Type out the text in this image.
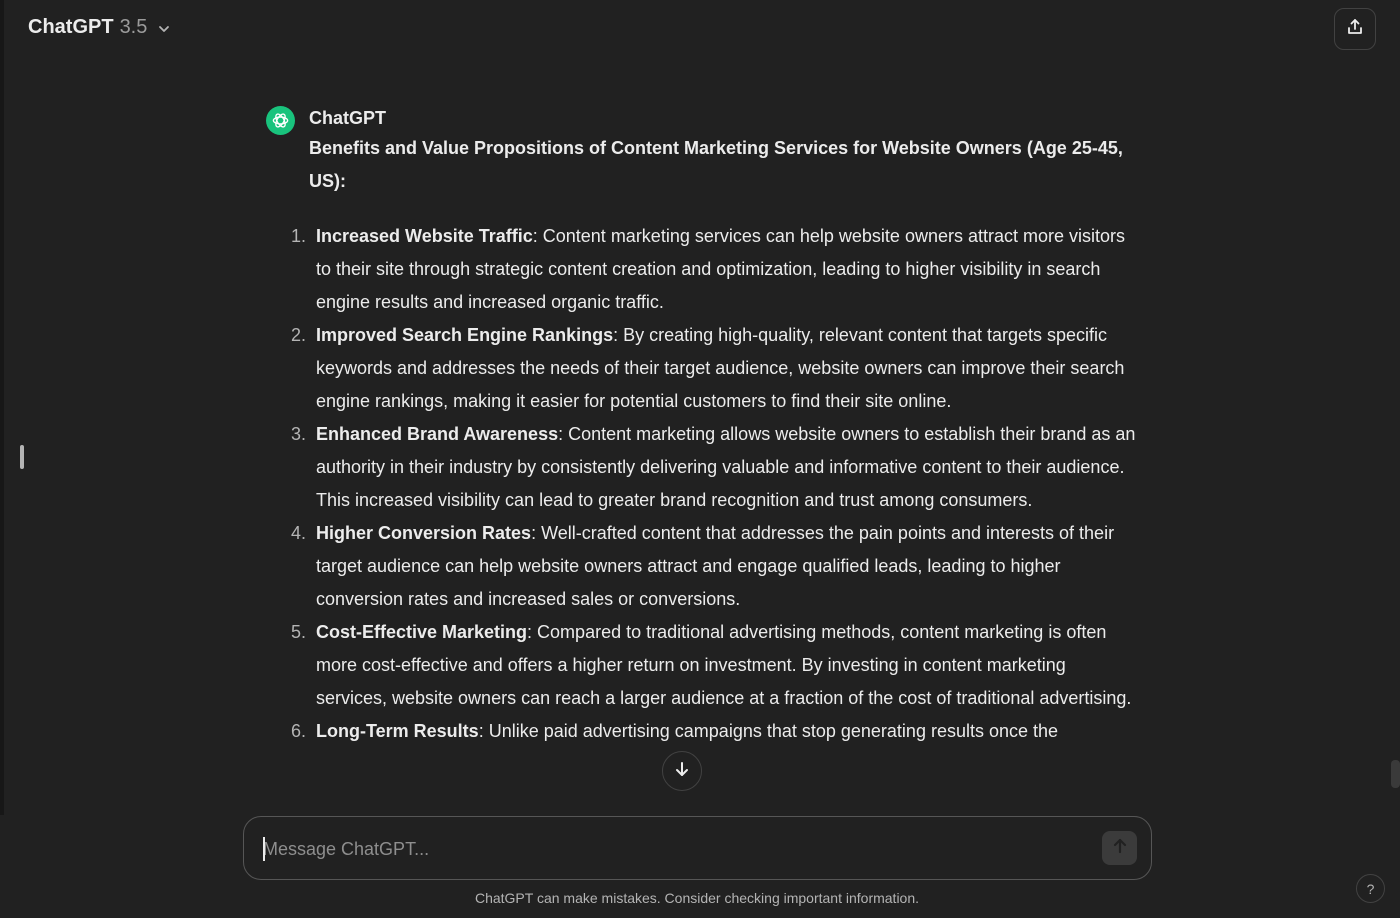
ChatGPT 3.5
ChatGPT
Benefits and Value Propositions of Content Marketing Services for Website Owners (Age 25-45, US):
1. Increased Website Traffic: Content marketing services can help website owners attract more visitors to their site through strategic content creation and optimization, leading to higher visibility in search engine results and increased organic traffic.
2. Improved Search Engine Rankings: By creating high-quality, relevant content that targets specific keywords and addresses the needs of their target audience, website owners can improve their search engine rankings, making it easier for potential customers to find their site online.
3. Enhanced Brand Awareness: Content marketing allows website owners to establish their brand as an authority in their industry by consistently delivering valuable and informative content to their audience. This increased visibility can lead to greater brand recognition and trust among consumers.
4. Higher Conversion Rates: Well-crafted content that addresses the pain points and interests of their target audience can help website owners attract and engage qualified leads, leading to higher conversion rates and increased sales or conversions.
5. Cost-Effective Marketing: Compared to traditional advertising methods, content marketing is often more cost-effective and offers a higher return on investment. By investing in content marketing services, website owners can reach a larger audience at a fraction of the cost of traditional advertising.
6. Long-Term Results: Unlike paid advertising campaigns that stop generating results once the
Message ChatGPT...
ChatGPT can make mistakes. Consider checking important information.
?
